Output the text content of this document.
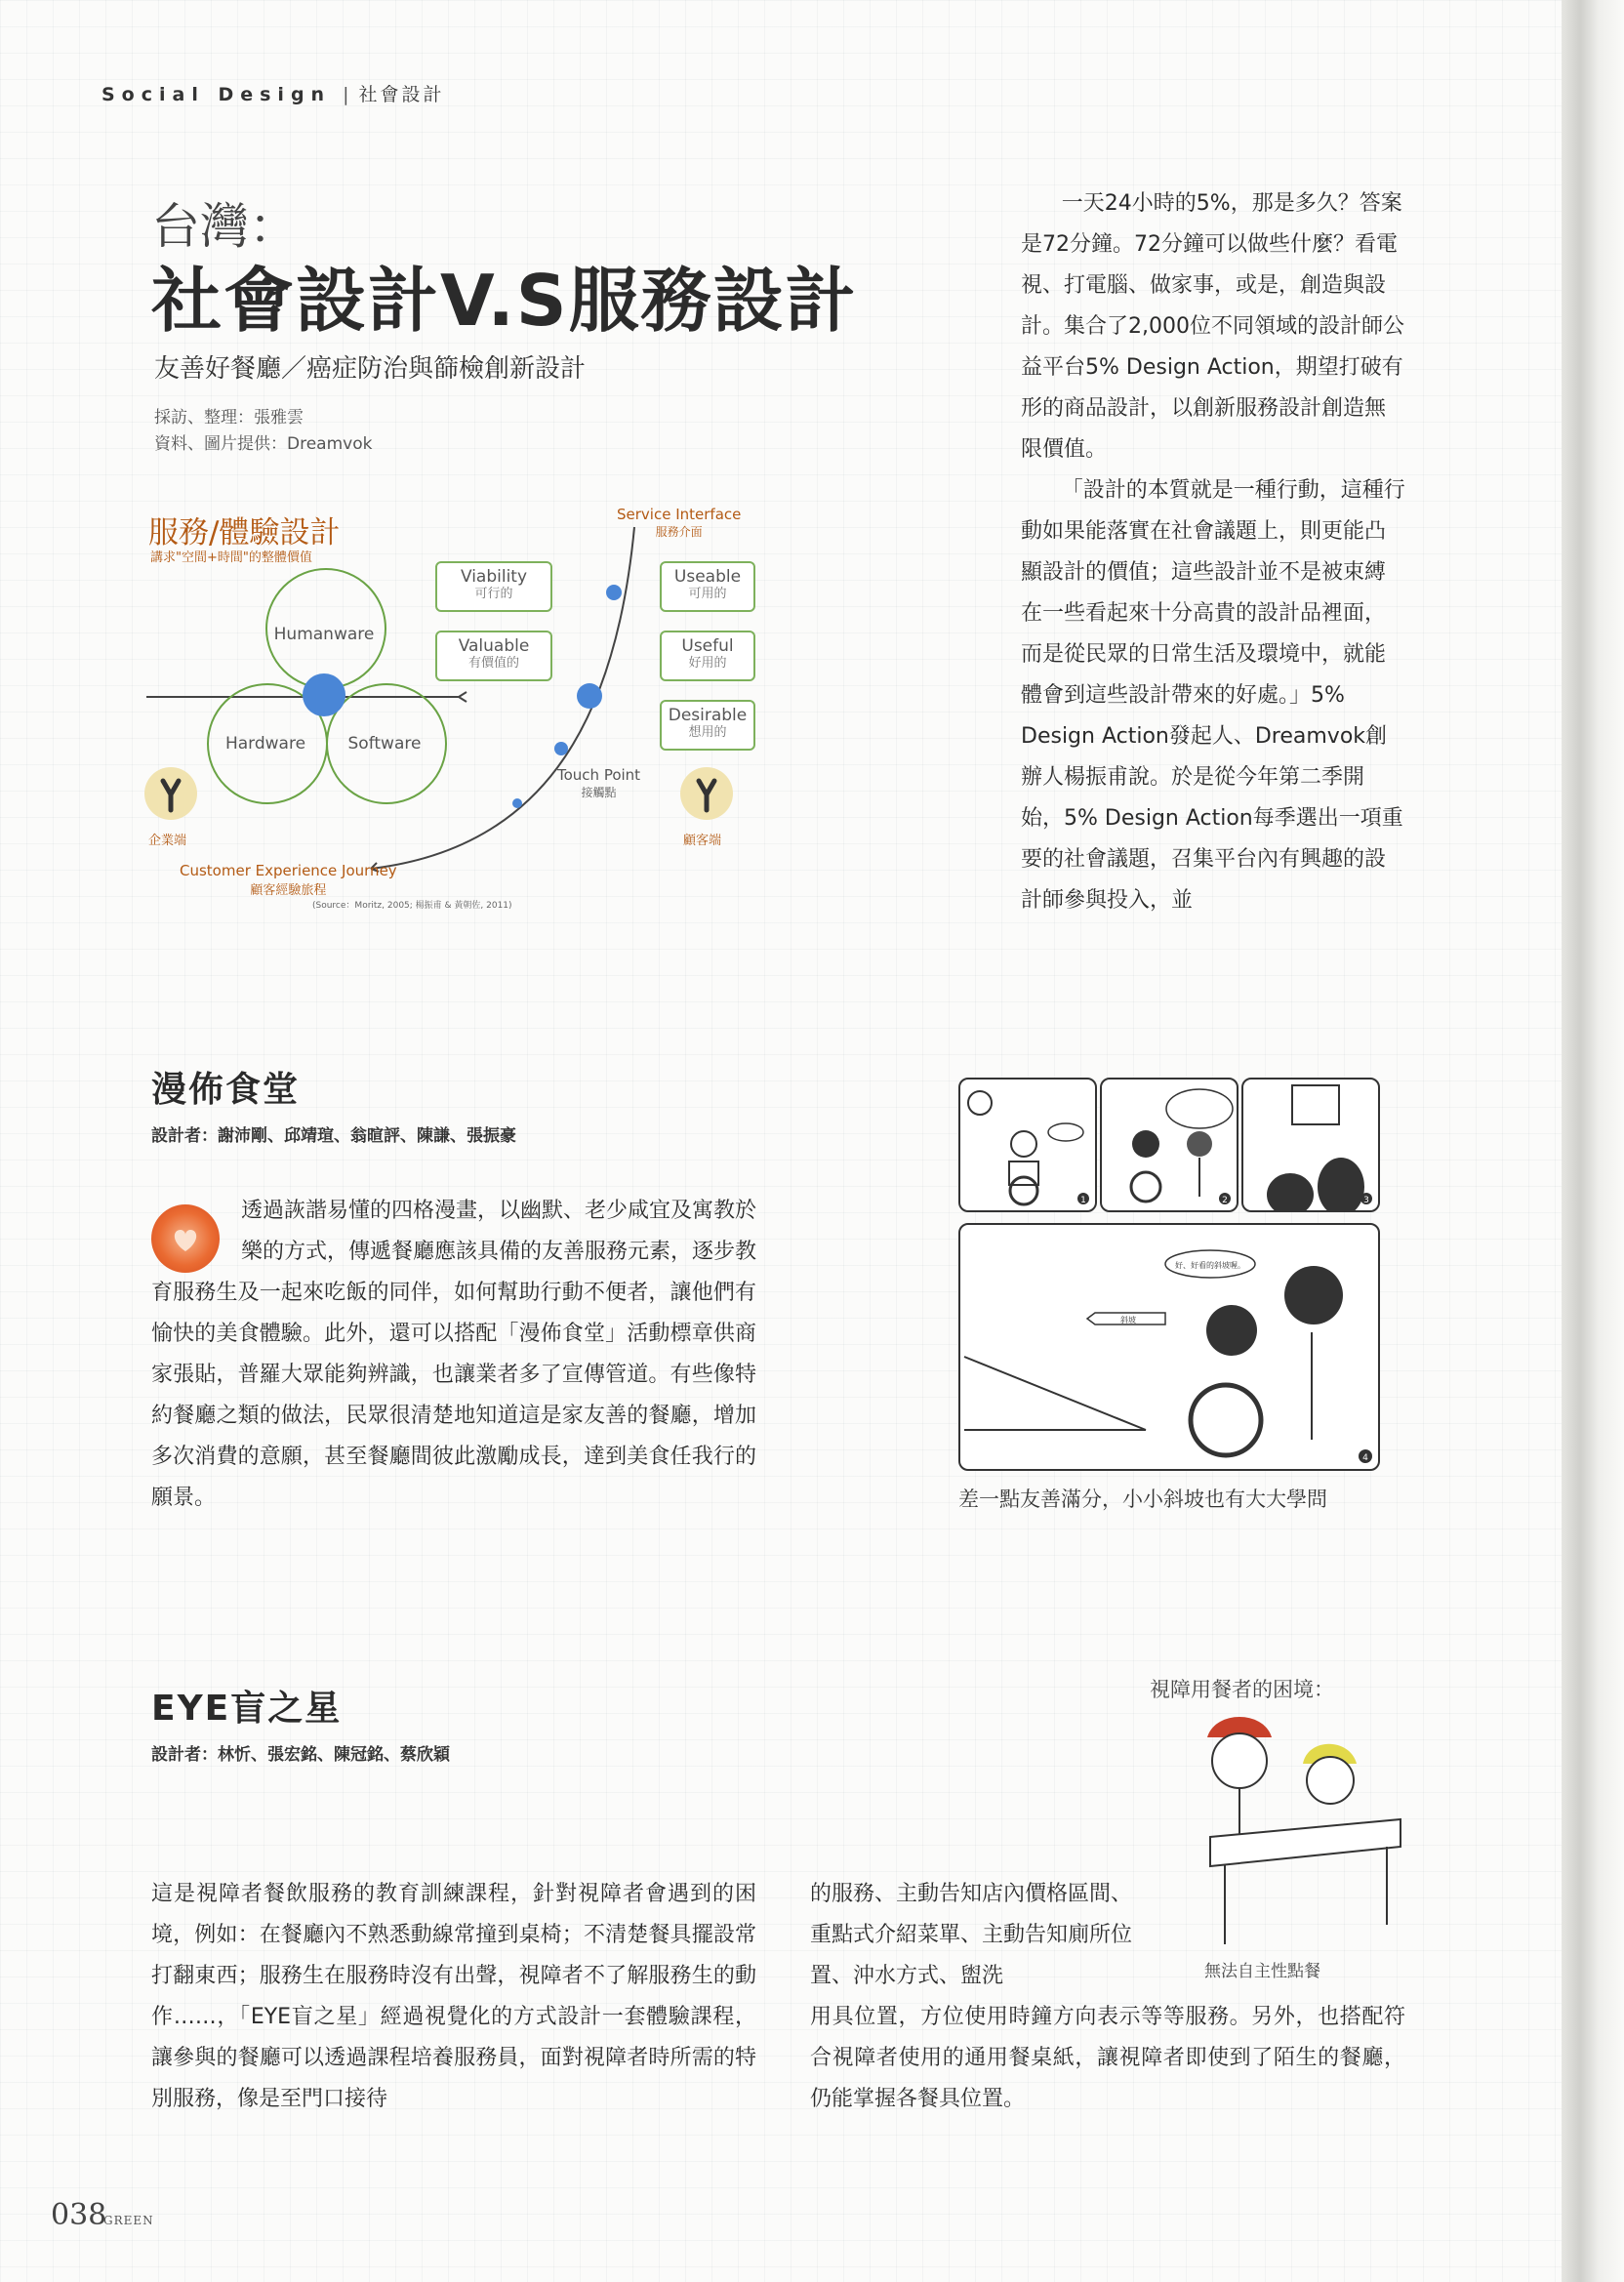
Social Design | 社會設計
台灣：
社會設計V.S服務設計
友善好餐廳／癌症防治與篩檢創新設計
採訪、整理：張雅雲
資料、圖片提供：Dreamvok
服務/體驗設計
講求"空間+時間"的整體價值
Humanware
Hardware	Software
Viability
可行的
Valuable
有價值的
Useable
可用的
Useful
好用的
Desirable
想用的
Service Interface
服務介面
Touch Point
接觸點
企業端	顧客端
Customer Experience Journey
顧客經驗旅程
(Source：Moritz, 2005; 楊振甫 & 黃朝佐, 2011)

一天24小時的5%，那是多久？答案是72分鐘。72分鐘可以做些什麼？看電視、打電腦、做家事，或是，創造與設計。集合了2,000位不同領域的設計師公益平台5% Design Action，期望打破有形的商品設計，以創新服務設計創造無限價值。

「設計的本質就是一種行動，這種行動如果能落實在社會議題上，則更能凸顯設計的價值；這些設計並不是被束縛在一些看起來十分高貴的設計品裡面，而是從民眾的日常生活及環境中，就能體會到這些設計帶來的好處。」5% Design Action發起人、Dreamvok創辦人楊振甫說。於是從今年第二季開始，5% Design Action每季選出一項重要的社會議題，召集平台內有興趣的設計師參與投入，並

漫佈食堂
設計者：謝沛剛、邱靖瑄、翁暄評、陳謙、張振豪
透過詼諧易懂的四格漫畫，以幽默、老少咸宜及寓教於樂的方式，傳遞餐廳應該具備的友善服務元素，逐步教育服務生及一起來吃飯的同伴，如何幫助行動不便者，讓他們有愉快的美食體驗。此外，還可以搭配「漫佈食堂」活動標章供商家張貼，普羅大眾能夠辨識，也讓業者多了宣傳管道。有些像特約餐廳之類的做法，民眾很清楚地知道這是家友善的餐廳，增加多次消費的意願，甚至餐廳間彼此激勵成長，達到美食任我行的願景。
1	2	3
斜坡
好、好看的斜坡喔。
4
差一點友善滿分，小小斜坡也有大大學問
EYE盲之星
設計者：林忻、張宏銘、陳冠銘、蔡欣穎
視障用餐者的困境：
無法自主性點餐
這是視障者餐飲服務的教育訓練課程，針對視障者會遇到的困境，例如：在餐廳內不熟悉動線常撞到桌椅；不清楚餐具擺設常打翻東西；服務生在服務時沒有出聲，視障者不了解服務生的動作……，「EYE盲之星」經過視覺化的方式設計一套體驗課程，讓參與的餐廳可以透過課程培養服務員，面對視障者時所需的特別服務，像是至門口接待
的服務、主動告知店內價格區間、重點式介紹菜單、主動告知廁所位置、沖水方式、盥洗
用具位置，方位使用時鐘方向表示等等服務。另外，也搭配符合視障者使用的通用餐桌紙，讓視障者即使到了陌生的餐廳，仍能掌握各餐具位置。
038
GREEN
